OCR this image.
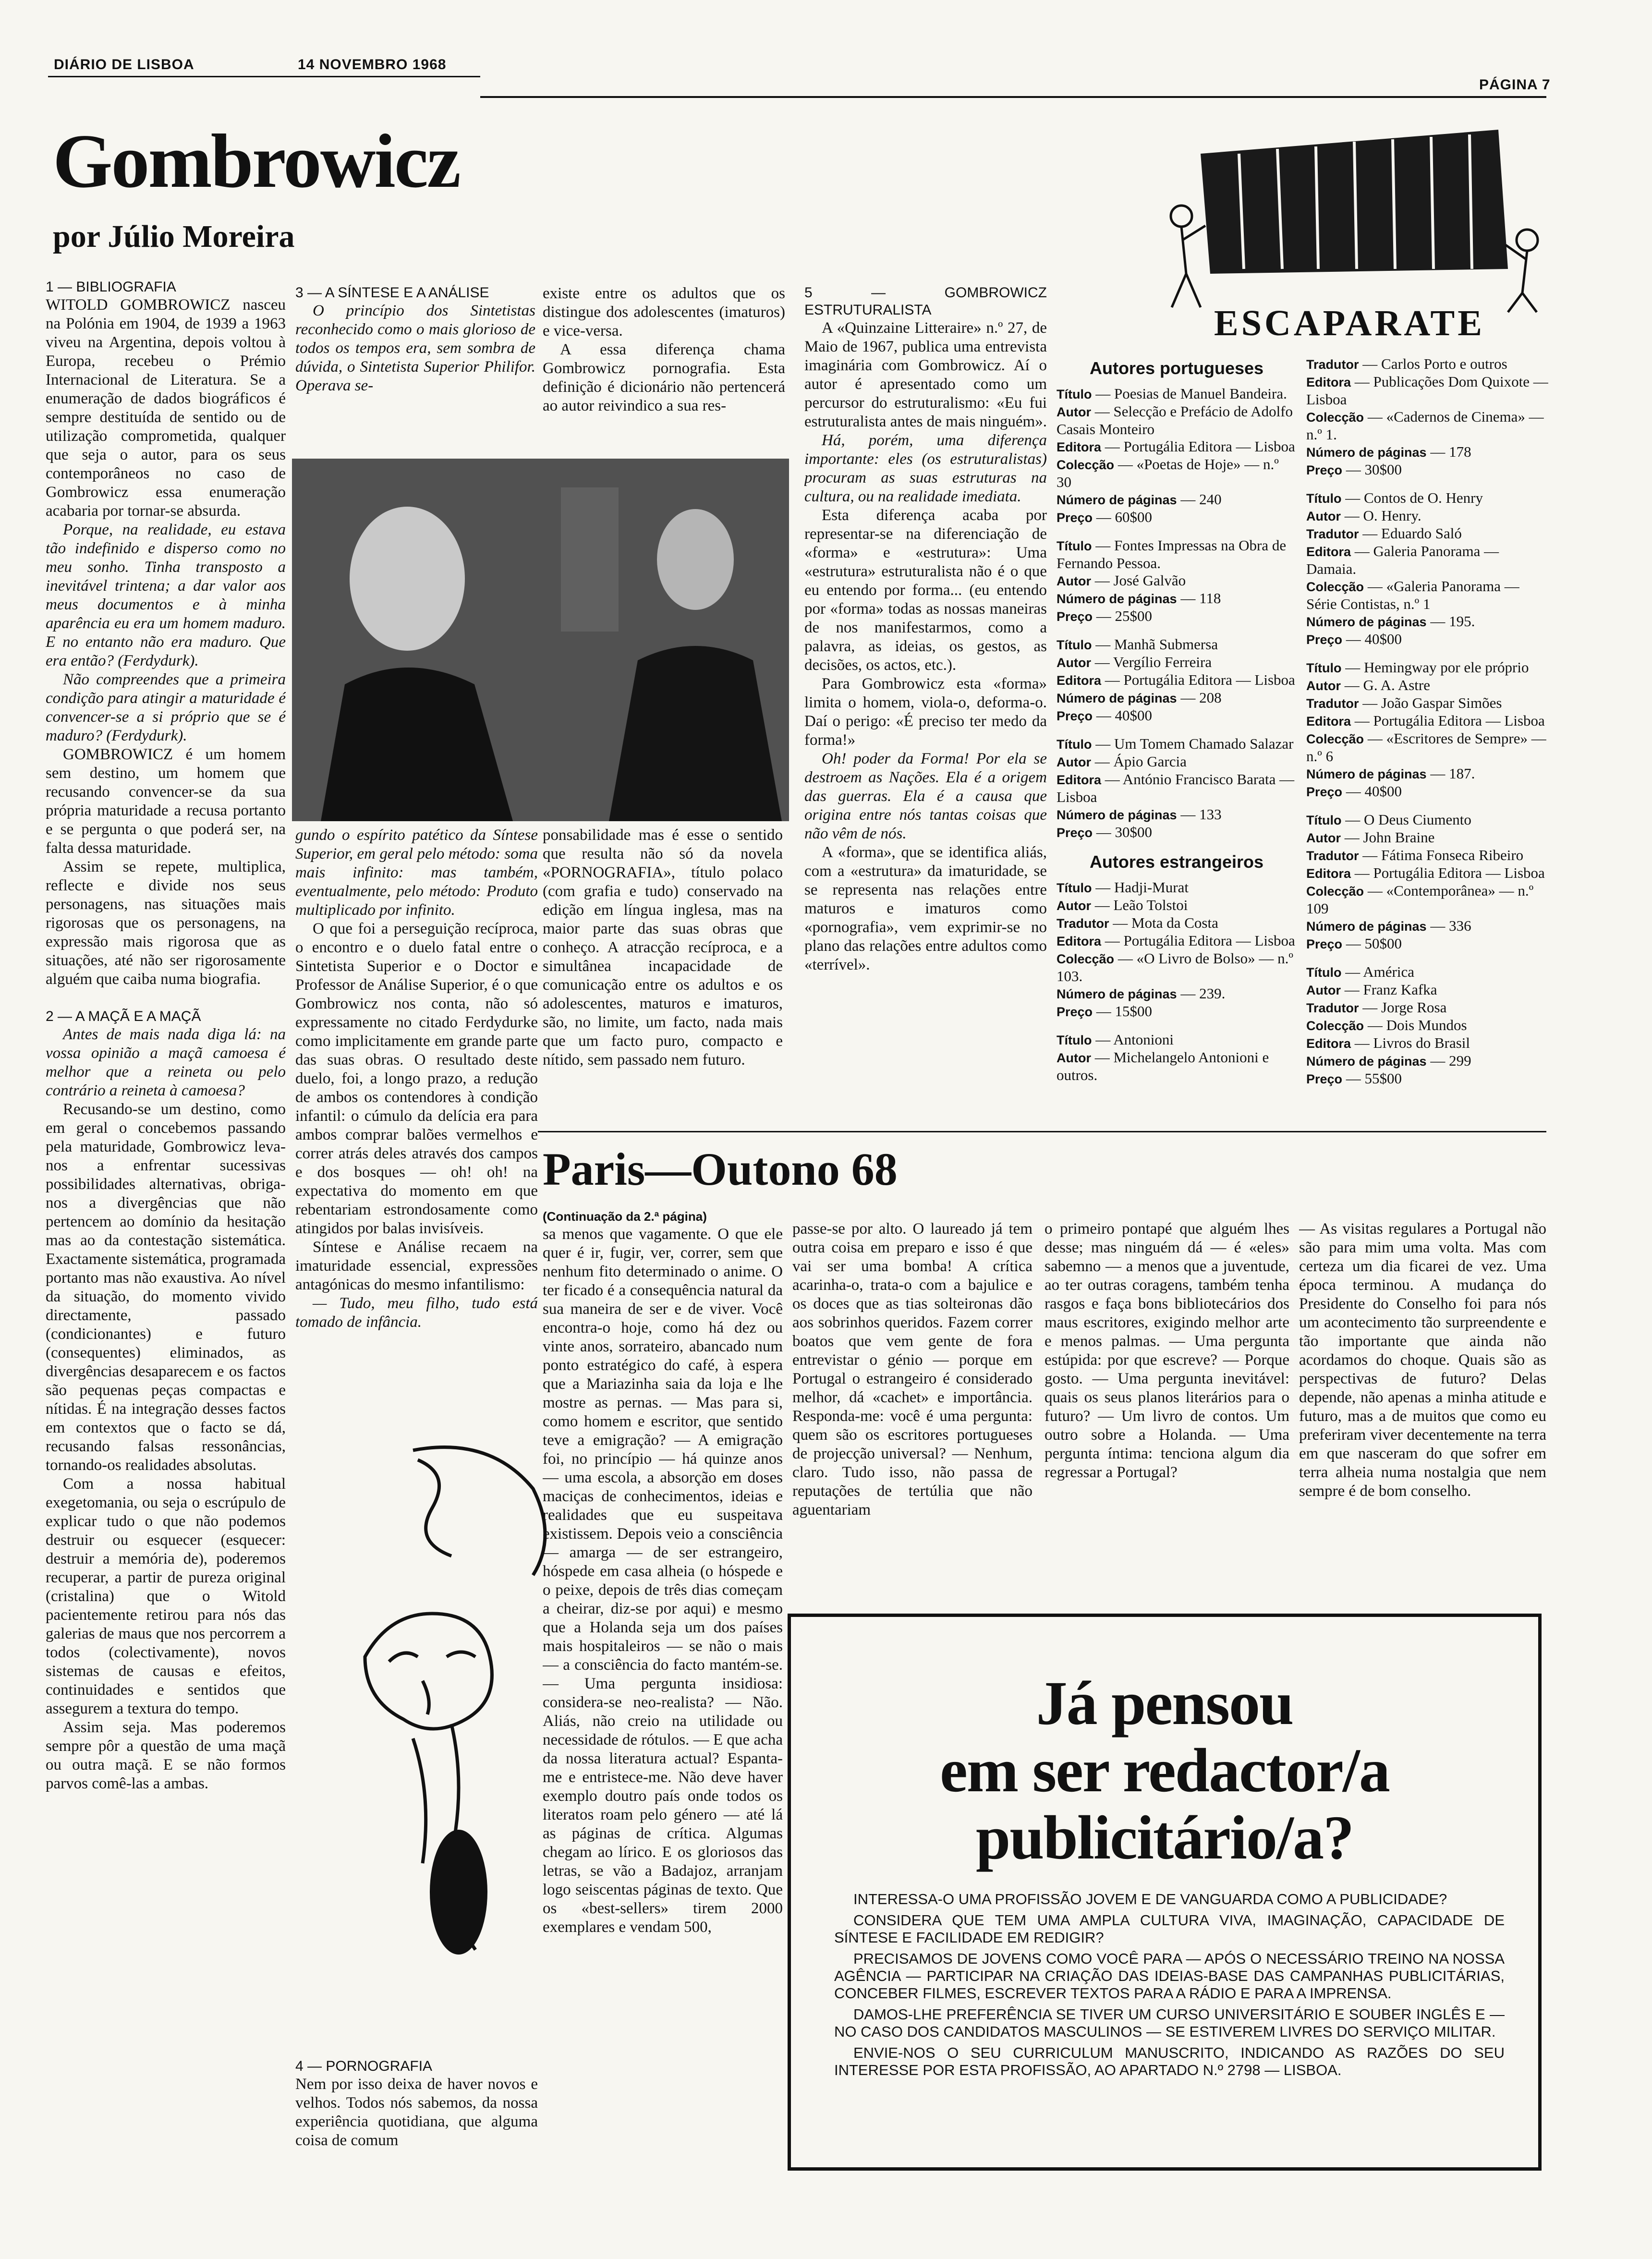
DIÁRIO DE LISBOA	14 NOVEMBRO 1968
PÁGINA 7
Gombrowicz
por Júlio Moreira

1 — BIBLIOGRAFIA

WITOLD GOMBROWICZ nasceu na Polónia em 1904, de 1939 a 1963 viveu na Argentina, depois voltou à Europa, recebeu o Prémio Internacional de Literatura. Se a enumeração de dados biográficos é sempre destituída de sentido ou de utilização comprometida, qualquer que seja o autor, para os seus contemporâneos no caso de Gombrowicz essa enumeração acabaria por tornar-se absurda.

Porque, na realidade, eu estava tão indefinido e disperso como no meu sonho. Tinha transposto a inevitável trintena; a dar valor aos meus documentos e à minha aparência eu era um homem maduro. E no entanto não era maduro. Que era então? (Ferdydurk).

Não compreendes que a primeira condição para atingir a maturidade é convencer-se a si próprio que se é maduro? (Ferdydurk).

GOMBROWICZ é um homem sem destino, um homem que recusando convencer-se da sua própria maturidade a recusa portanto e se pergunta o que poderá ser, na falta dessa maturidade.

Assim se repete, multiplica, reflecte e divide nos seus personagens, nas situações mais rigorosas que os personagens, na expressão mais rigorosa que as situações, até não ser rigorosamente alguém que caiba numa biografia.

2 — A MAÇÃ E A MAÇÃ

Antes de mais nada diga lá: na vossa opinião a maçã camoesa é melhor que a reineta ou pelo contrário a reineta à camoesa?

Recusando-se um destino, como em geral o concebemos passando pela maturidade, Gombrowicz leva-nos a enfrentar sucessivas possibilidades alternativas, obriga-nos a divergências que não pertencem ao domínio da hesitação mas ao da contestação sistemática. Exactamente sistemática, programada portanto mas não exaustiva. Ao nível da situação, do momento vivido directamente, passado (condicionantes) e futuro (consequentes) eliminados, as divergências desaparecem e os factos são pequenas peças compactas e nítidas. É na integração desses factos em contextos que o facto se dá, recusando falsas ressonâncias, tornando-os realidades absolutas.

Com a nossa habitual exegetomania, ou seja o escrúpulo de explicar tudo o que não podemos destruir ou esquecer (esquecer: destruir a memória de), poderemos recuperar, a partir de pureza original (cristalina) que o Witold pacientemente retirou para nós das galerias de maus que nos percorrem a todos (colectivamente), novos sistemas de causas e efeitos, continuidades e sentidos que assegurem a textura do tempo.

Assim seja. Mas poderemos sempre pôr a questão de uma maçã ou outra maçã. E se não formos parvos comê-las a ambas.

3 — A SÍNTESE E A ANÁLISE

O princípio dos Sintetistas reconhecido como o mais glorioso de todos os tempos era, sem sombra de dúvida, o Sintetista Superior Philifor. Operava se-

gundo o espírito patético da Síntese Superior, em geral pelo método: soma mais infinito: mas também, eventualmente, pelo método: Produto multiplicado por infinito.

O que foi a perseguição recíproca, o encontro e o duelo fatal entre o Sintetista Superior e o Doctor e Professor de Análise Superior, é o que Gombrowicz nos conta, não só expressamente no citado Ferdydurke como implicitamente em grande parte das suas obras. O resultado deste duelo, foi, a longo prazo, a redução de ambos os contendores à condição infantil: o cúmulo da delícia era para ambos comprar balões vermelhos e correr atrás deles através dos campos e dos bosques — oh! oh! na expectativa do momento em que rebentariam estrondosamente como atingidos por balas invisíveis.

Síntese e Análise recaem na imaturidade essencial, expressões antagónicas do mesmo infantilismo:

— Tudo, meu filho, tudo está tomado de infância.

4 — PORNOGRAFIA

Nem por isso deixa de haver novos e velhos. Todos nós sabemos, da nossa experiência quotidiana, que alguma coisa de comum

existe entre os adultos que os distingue dos adolescentes (imaturos) e vice-versa.

A essa diferença chama Gombrowicz pornografia. Esta definição é dicionário não pertencerá ao autor reivindico a sua res-

ponsabilidade mas é esse o sentido que resulta não só da novela «PORNOGRAFIA», título polaco (com grafia e tudo) conservado na edição em língua inglesa, mas na maior parte das suas obras que conheço. A atracção recíproca, e a simultânea incapacidade de comunicação entre os adultos e os adolescentes, maturos e imaturos, são, no limite, um facto, nada mais que um facto puro, compacto e nítido, sem passado nem futuro.

5 — GOMBROWICZ ESTRUTURALISTA

A «Quinzaine Litteraire» n.º 27, de Maio de 1967, publica uma entrevista imaginária com Gombrowicz. Aí o autor é apresentado como um percursor do estruturalismo: «Eu fui estruturalista antes de mais ninguém».

Há, porém, uma diferença importante: eles (os estruturalistas) procuram as suas estruturas na cultura, ou na realidade imediata.

Esta diferença acaba por representar-se na diferenciação de «forma» e «estrutura»: Uma «estrutura» estruturalista não é o que eu entendo por forma... (eu entendo por «forma» todas as nossas maneiras de nos manifestarmos, como a palavra, as ideias, os gestos, as decisões, os actos, etc.).

Para Gombrowicz esta «forma» limita o homem, viola-o, deforma-o. Daí o perigo: «É preciso ter medo da forma!»

Oh! poder da Forma! Por ela se destroem as Nações. Ela é a origem das guerras. Ela é a causa que origina entre nós tantas coisas que não vêm de nós.

A «forma», que se identifica aliás, com a «estrutura» da imaturidade, se se representa nas relações entre maturos e imaturos como «pornografia», vem exprimir-se no plano das relações entre adultos como «terrível».

ESCAPARATE
Autores portugueses
Título — Poesias de Manuel Bandeira.
Autor — Selecção e Prefácio de Adolfo Casais Monteiro
Editora — Portugália Editora — Lisboa
Colecção — «Poetas de Hoje» — n.º 30
Número de páginas — 240
Preço — 60$00
Título — Fontes Impressas na Obra de Fernando Pessoa.
Autor — José Galvão
Número de páginas — 118
Preço — 25$00
Título — Manhã Submersa
Autor — Vergílio Ferreira
Editora — Portugália Editora — Lisboa
Número de páginas — 208
Preço — 40$00
Título — Um Tomem Chamado Salazar
Autor — Ápio Garcia
Editora — António Francisco Barata — Lisboa
Número de páginas — 133
Preço — 30$00
Autores estrangeiros
Título — Hadji-Murat
Autor — Leão Tolstoi
Tradutor — Mota da Costa
Editora — Portugália Editora — Lisboa
Colecção — «O Livro de Bolso» — n.º 103.
Número de páginas — 239.
Preço — 15$00
Título — Antonioni
Autor — Michelangelo Antonioni e outros.
Tradutor — Carlos Porto e outros
Editora — Publicações Dom Quixote — Lisboa
Colecção — «Cadernos de Cinema» — n.º 1.
Número de páginas — 178
Preço — 30$00
Título — Contos de O. Henry
Autor — O. Henry.
Tradutor — Eduardo Saló
Editora — Galeria Panorama — Damaia.
Colecção — «Galeria Panorama — Série Contistas, n.º 1
Número de páginas — 195.
Preço — 40$00
Título — Hemingway por ele próprio
Autor — G. A. Astre
Tradutor — João Gaspar Simões
Editora — Portugália Editora — Lisboa
Colecção — «Escritores de Sempre» — n.º 6
Número de páginas — 187.
Preço — 40$00
Título — O Deus Ciumento
Autor — John Braine
Tradutor — Fátima Fonseca Ribeiro
Editora — Portugália Editora — Lisboa
Colecção — «Contemporânea» — n.º 109
Número de páginas — 336
Preço — 50$00
Título — América
Autor — Franz Kafka
Tradutor — Jorge Rosa
Colecção — Dois Mundos
Editora — Livros do Brasil
Número de páginas — 299
Preço — 55$00
Paris—Outono 68

(Continuação da 2.ª página)

sa menos que vagamente. O que ele quer é ir, fugir, ver, correr, sem que nenhum fito determinado o anime. O ter ficado é a consequência natural da sua maneira de ser e de viver. Você encontra-o hoje, como há dez ou vinte anos, sorrateiro, abancado num ponto estratégico do café, à espera que a Mariazinha saia da loja e lhe mostre as pernas. — Mas para si, como homem e escritor, que sentido teve a emigração? — A emigração foi, no princípio — há quinze anos — uma escola, a absorção em doses maciças de conhecimentos, ideias e realidades que eu suspeitava existissem. Depois veio a consciência — amarga — de ser estrangeiro, hóspede em casa alheia (o hóspede e o peixe, depois de três dias começam a cheirar, diz-se por aqui) e mesmo que a Holanda seja um dos países mais hospitaleiros — se não o mais — a consciência do facto mantém-se. — Uma pergunta insidiosa: considera-se neo-realista? — Não. Aliás, não creio na utilidade ou necessidade de rótulos. — E que acha da nossa literatura actual? Espanta-me e entristece-me. Não deve haver exemplo doutro país onde todos os literatos roam pelo género — até lá as páginas de crítica. Algumas chegam ao lírico. E os gloriosos das letras, se vão a Badajoz, arranjam logo seiscentas páginas de texto. Que os «best-sellers» tirem 2000 exemplares e vendam 500,

passe-se por alto. O laureado já tem outra coisa em preparo e isso é que vai ser uma bomba! A crítica acarinha-o, trata-o com a bajulice e os doces que as tias solteironas dão aos sobrinhos queridos. Fazem correr boatos que vem gente de fora entrevistar o génio — porque em Portugal o estrangeiro é considerado melhor, dá «cachet» e importância. Responda-me: você é uma pergunta: quem são os escritores portugueses de projecção universal? — Nenhum, claro. Tudo isso, não passa de reputações de tertúlia que não aguentariam

o primeiro pontapé que alguém lhes desse; mas ninguém dá — é «eles» sabemno — a menos que a juventude, ao ter outras coragens, também tenha rasgos e faça bons bibliotecários dos maus escritores, exigindo melhor arte e menos palmas. — Uma pergunta estúpida: por que escreve? — Porque gosto. — Uma pergunta inevitável: quais os seus planos literários para o futuro? — Um livro de contos. Um outro sobre a Holanda. — Uma pergunta íntima: tenciona algum dia regressar a Portugal?

— As visitas regulares a Portugal não são para mim uma volta. Mas com certeza um dia ficarei de vez. Uma época terminou. A mudança do Presidente do Conselho foi para nós um acontecimento tão surpreendente e tão importante que ainda não acordamos do choque. Quais são as perspectivas de futuro? Delas depende, não apenas a minha atitude e futuro, mas a de muitos que como eu preferiram viver decentemente na terra em que nasceram do que sofrer em terra alheia numa nostalgia que nem sempre é de bom conselho.

Já pensou
em ser redactor/a
publicitário/a?

INTERESSA-O UMA PROFISSÃO JOVEM E DE VANGUARDA COMO A PUBLICIDADE?

CONSIDERA QUE TEM UMA AMPLA CULTURA VIVA, IMAGINAÇÃO, CAPACIDADE DE SÍNTESE E FACILIDADE EM REDIGIR?

PRECISAMOS DE JOVENS COMO VOCÊ PARA — APÓS O NECESSÁRIO TREINO NA NOSSA AGÊNCIA — PARTICIPAR NA CRIAÇÃO DAS IDEIAS-BASE DAS CAMPANHAS PUBLICITÁRIAS, CONCEBER FILMES, ESCREVER TEXTOS PARA A RÁDIO E PARA A IMPRENSA.

DAMOS-LHE PREFERÊNCIA SE TIVER UM CURSO UNIVERSITÁRIO E SOUBER INGLÊS E — NO CASO DOS CANDIDATOS MASCULINOS — SE ESTIVEREM LIVRES DO SERVIÇO MILITAR.

ENVIE-NOS O SEU CURRICULUM MANUSCRITO, INDICANDO AS RAZÕES DO SEU INTERESSE POR ESTA PROFISSÃO, AO APARTADO N.º 2798 — LISBOA.
